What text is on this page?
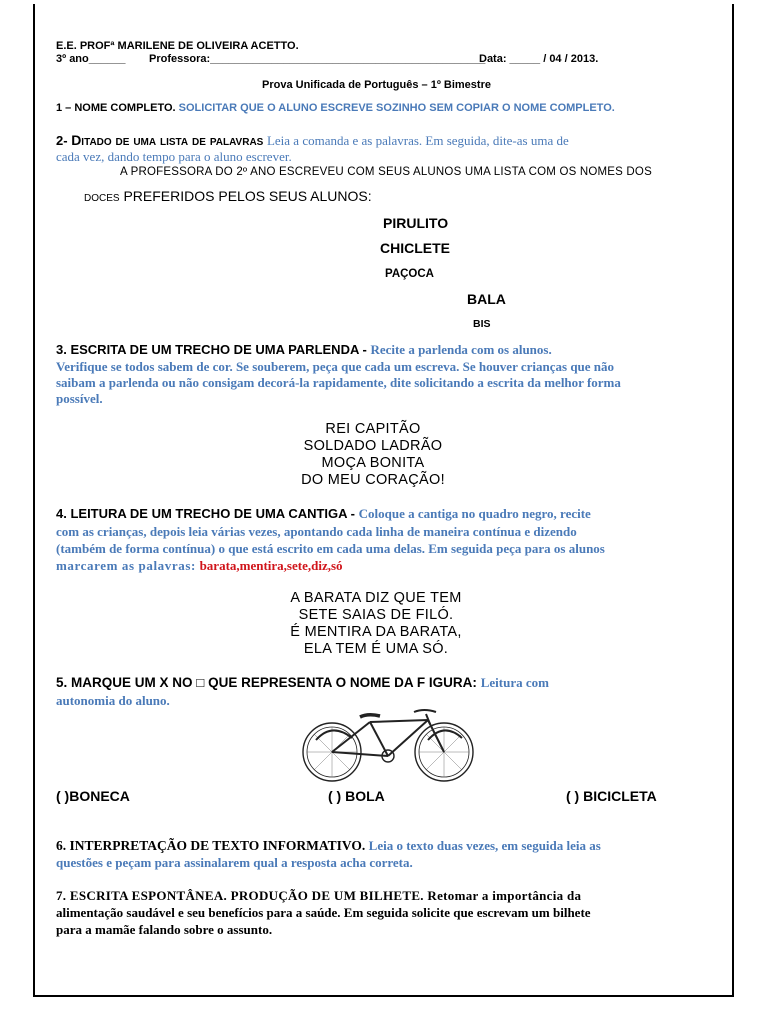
E.E. PROFª MARILENE DE OLIVEIRA ACETTO.
3º ano______ Professora:_____________________________________________
Data: _____ / 04 / 2013.
Prova Unificada de Português – 1º Bimestre
1 – NOME COMPLETO. SOLICITAR QUE O ALUNO ESCREVE SOZINHO SEM COPIAR O NOME COMPLETO.
2- Ditado de uma lista de palavras Leia a comanda e as palavras. Em seguida, dite-as uma de
cada vez, dando tempo para o aluno escrever.
A PROFESSORA DO 2º ANO ESCREVEU COM SEUS ALUNOS UMA LISTA COM OS NOMES DOS
DOCES PREFERIDOS PELOS SEUS ALUNOS:
PIRULITO
CHICLETE
PAÇOCA
BALA
BIS
3. ESCRITA DE UM TRECHO DE UMA PARLENDA - Recite a parlenda com os alunos.
Verifique se todos sabem de cor. Se souberem, peça que cada um escreva. Se houver crianças que não
saibam a parlenda ou não consigam decorá-la rapidamente, dite solicitando a escrita da melhor forma
possível.
REI CAPITÃO
SOLDADO LADRÃO
MOÇA BONITA
DO MEU CORAÇÃO!
4. LEITURA DE UM TRECHO DE UMA CANTIGA - Coloque a cantiga no quadro negro, recite
com as crianças, depois leia várias vezes, apontando cada linha de maneira contínua e dizendo
(também de forma contínua) o que está escrito em cada uma delas. Em seguida peça para os alunos
marcarem as palavras: barata,mentira,sete,diz,só
A BARATA DIZ QUE TEM
SETE SAIAS DE FILÓ.
É MENTIRA DA BARATA,
ELA TEM É UMA SÓ.
5. MARQUE UM X NO □ QUE REPRESENTA O NOME DA F IGURA: Leitura com
autonomia do aluno.
( )BONECA	( ) BOLA	( ) BICICLETA
6. INTERPRETAÇÃO DE TEXTO INFORMATIVO. Leia o texto duas vezes, em seguida leia as
questões e peçam para assinalarem qual a resposta acha correta.
7. ESCRITA ESPONTÂNEA. PRODUÇÃO DE UM BILHETE. Retomar a importância da
alimentação saudável e seu benefícios para a saúde. Em seguida solicite que escrevam um bilhete
para a mamãe falando sobre o assunto.
